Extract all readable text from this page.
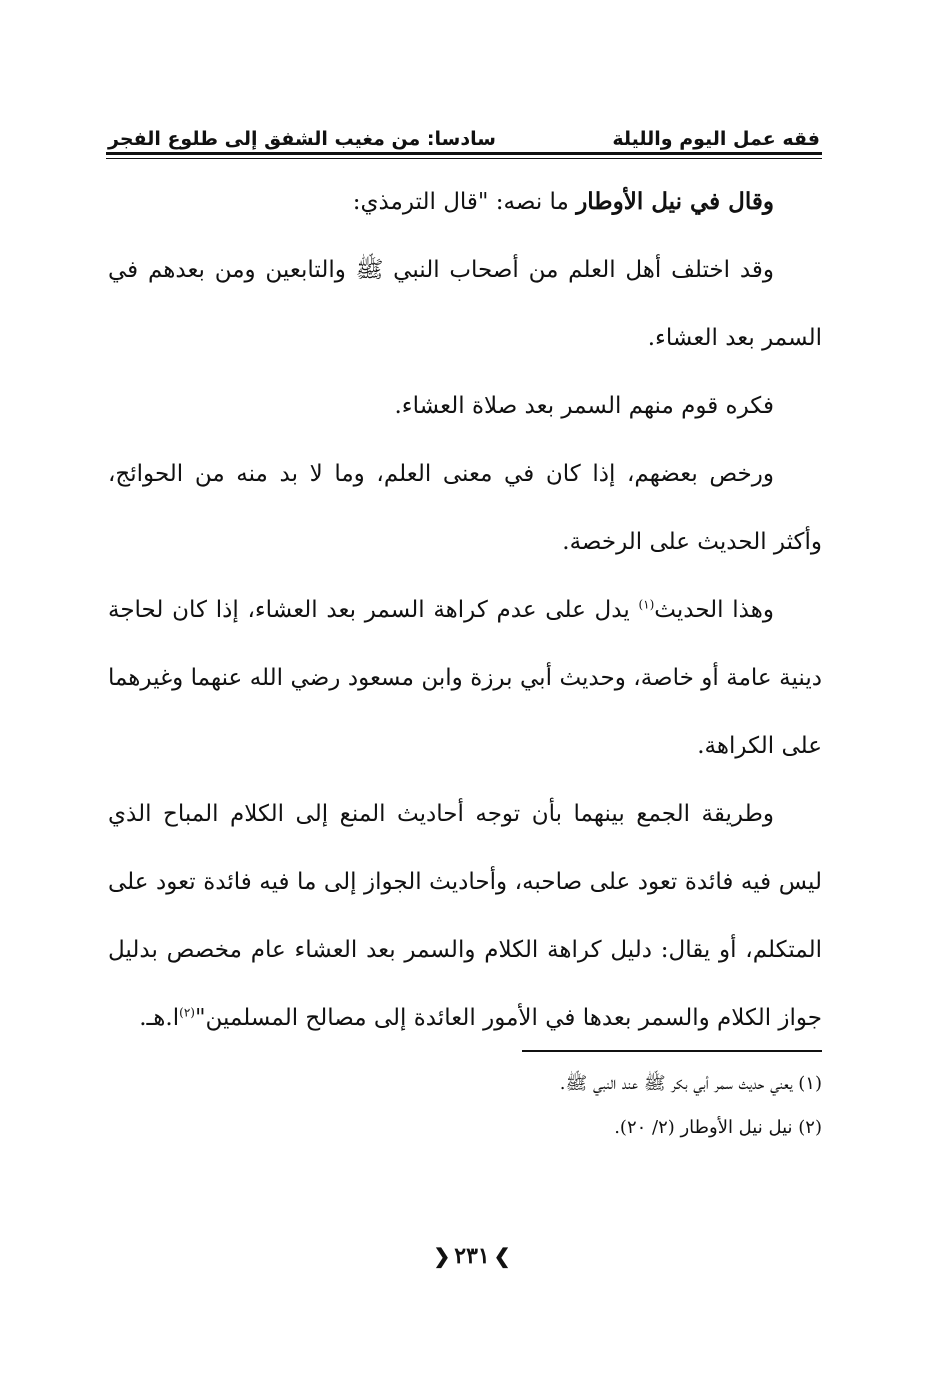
فقه عمل اليوم والليلة
سادسا: من مغيب الشفق إلى طلوع الفجر

وقال في نيل الأوطار ما نصه: "قال الترمذي:

وقد اختلف أهل العلم من أصحاب النبي ﷺ والتابعين ومن بعدهم في السمر بعد العشاء.

فكره قوم منهم السمر بعد صلاة العشاء.

ورخص بعضهم، إذا كان في معنى العلم، وما لا بد منه من الحوائج، وأكثر الحديث على الرخصة.

وهذا الحديث$^{(١)}$ يدل على عدم كراهة السمر بعد العشاء، إذا كان لحاجة دينية عامة أو خاصة، وحديث أبي برزة وابن مسعود رضي الله عنهما وغيرهما على الكراهة.

وطريقة الجمع بينهما بأن توجه أحاديث المنع إلى الكلام المباح الذي ليس فيه فائدة تعود على صاحبه، وأحاديث الجواز إلى ما فيه فائدة تعود على المتكلم، أو يقال: دليل كراهة الكلام والسمر بعد العشاء عام مخصص بدليل جواز الكلام والسمر بعدها في الأمور العائدة إلى مصالح المسلمين"$^{(٢)}$ا.هـ.

(١) يعني حديث سمر أبي بكر ﷺ عند النبي ﷺ.
(٢) نيل نيل الأوطار (٢/ ٢٠).
❯
٢٣١
❮
